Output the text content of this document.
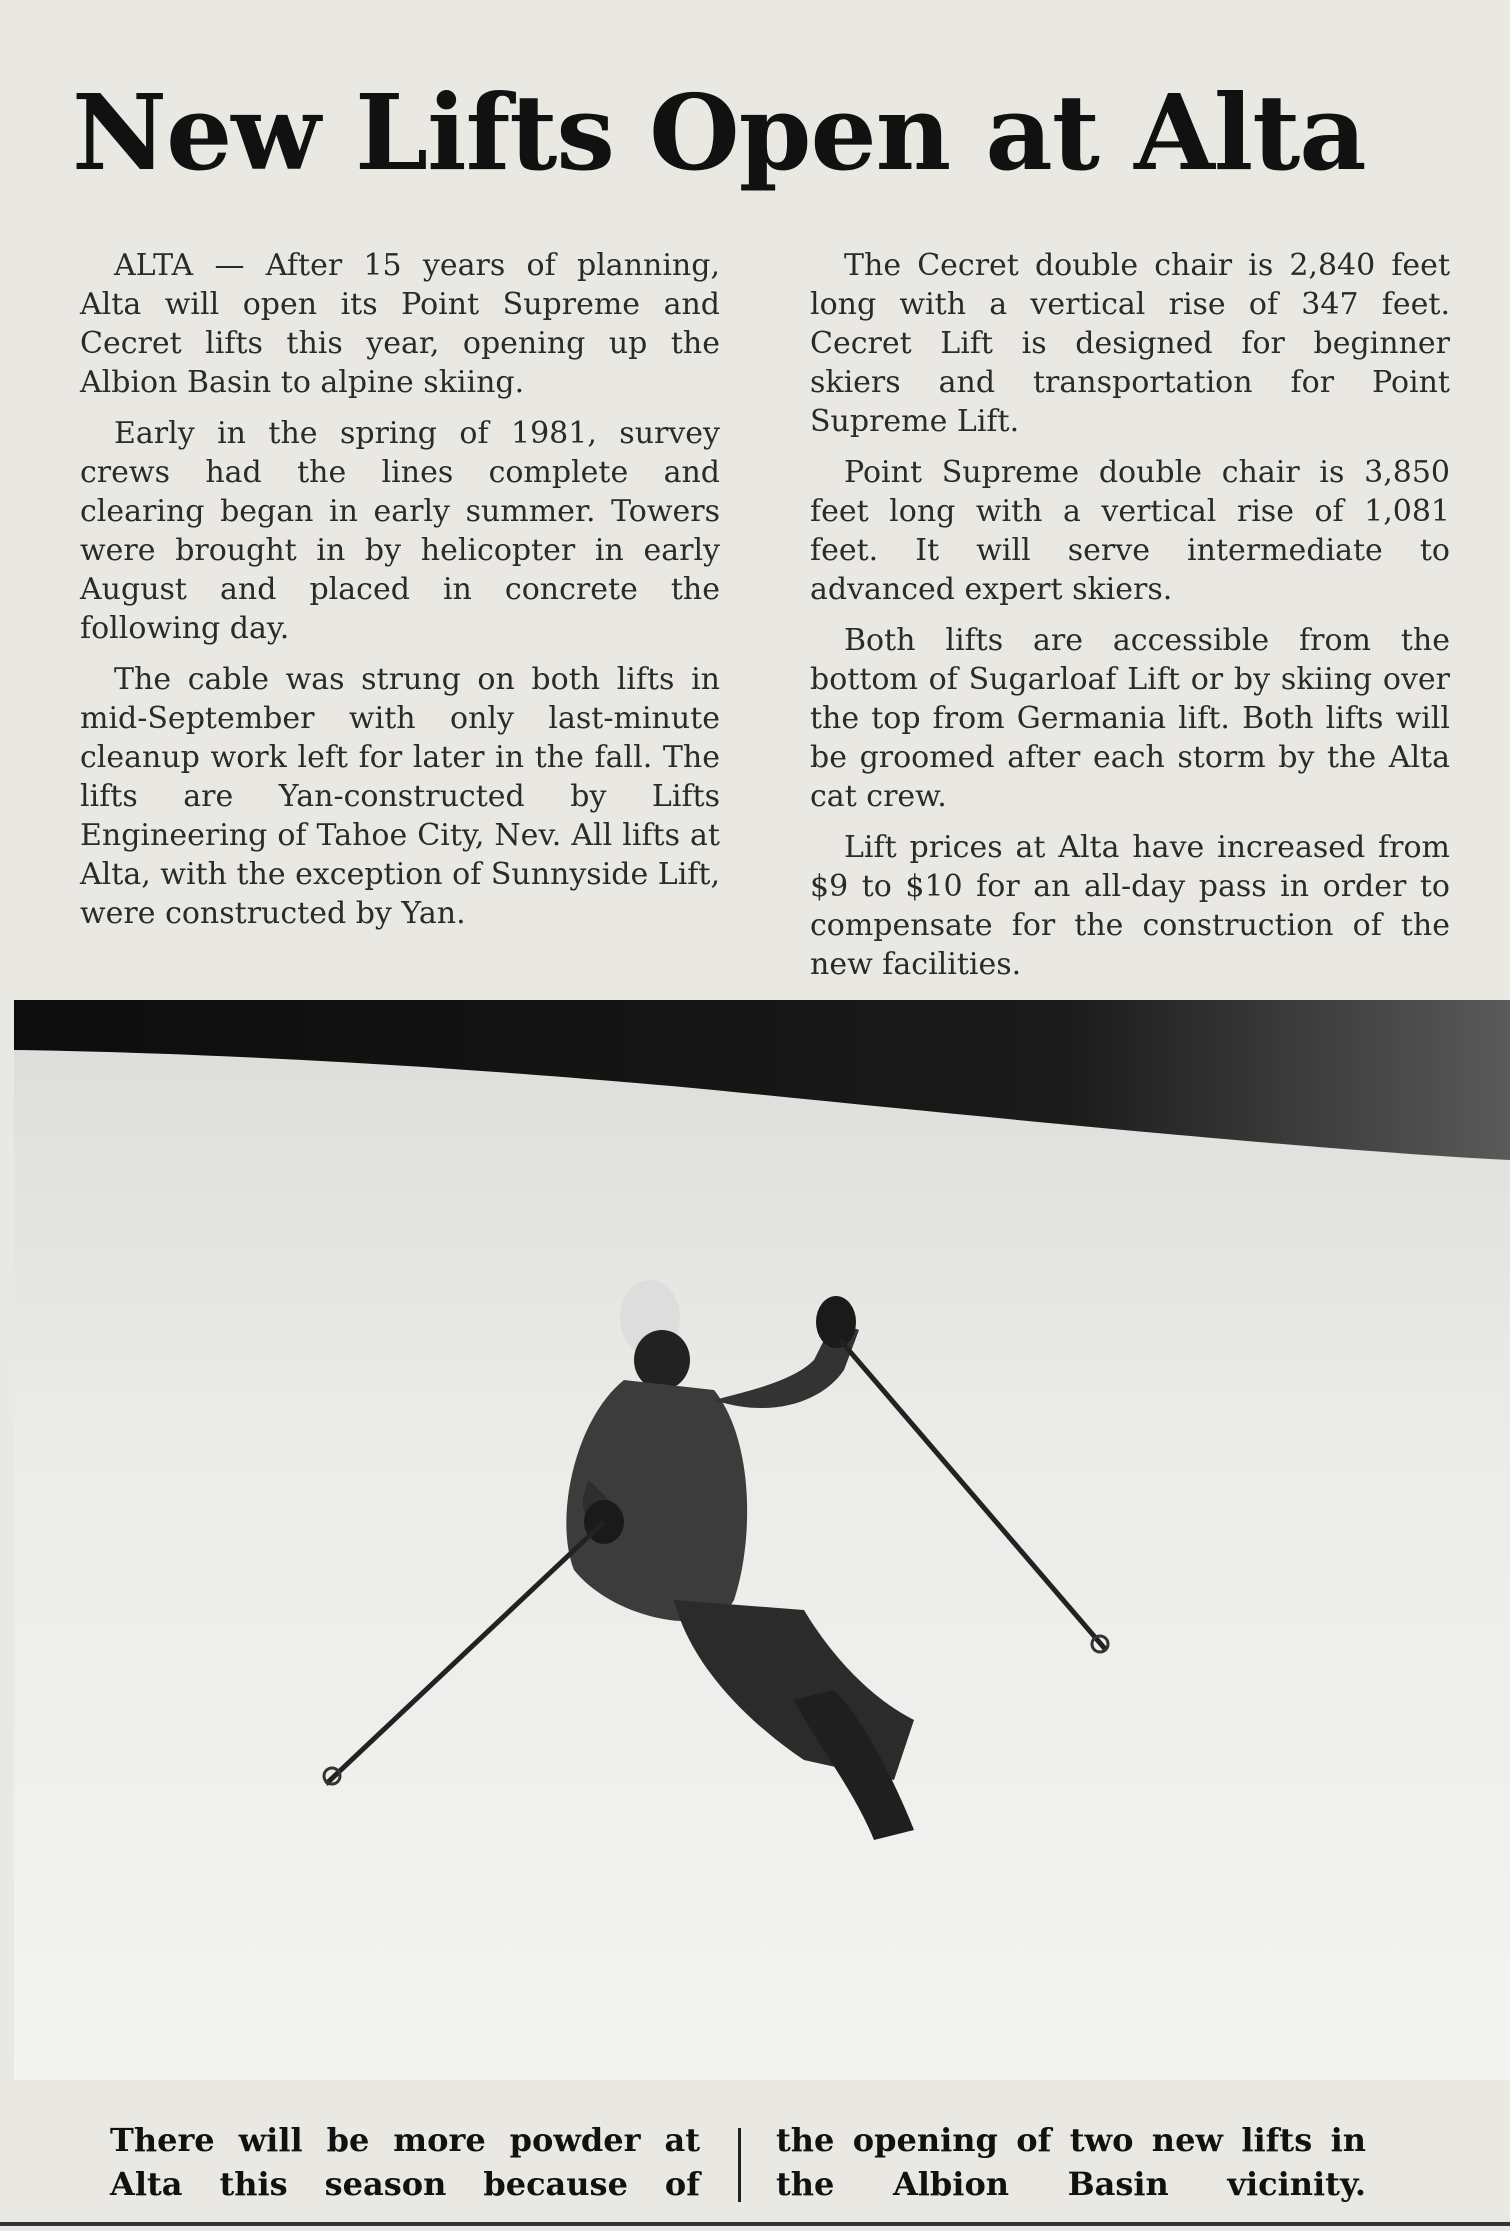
New Lifts Open at Alta

ALTA — After 15 years of planning, Alta will open its Point Supreme and Cecret lifts this year, opening up the Albion Basin to alpine skiing.

Early in the spring of 1981, survey crews had the lines complete and clearing began in early summer. Towers were brought in by helicopter in early August and placed in concrete the following day.

The cable was strung on both lifts in mid-September with only last-minute cleanup work left for later in the fall. The lifts are Yan-constructed by Lifts Engineering of Tahoe City, Nev. All lifts at Alta, with the exception of Sunnyside Lift, were constructed by Yan.

The Cecret double chair is 2,840 feet long with a vertical rise of 347 feet. Cecret Lift is designed for beginner skiers and transportation for Point Supreme Lift.

Point Supreme double chair is 3,850 feet long with a vertical rise of 1,081 feet. It will serve intermediate to advanced expert skiers.

Both lifts are accessible from the bottom of Sugarloaf Lift or by skiing over the top from Germania lift. Both lifts will be groomed after each storm by the Alta cat crew.

Lift prices at Alta have increased from $9 to $10 for an all-day pass in order to compensate for the construction of the new facilities.

There will be more powder at Alta this season because of
the opening of two new lifts in the Albion Basin vicinity.
